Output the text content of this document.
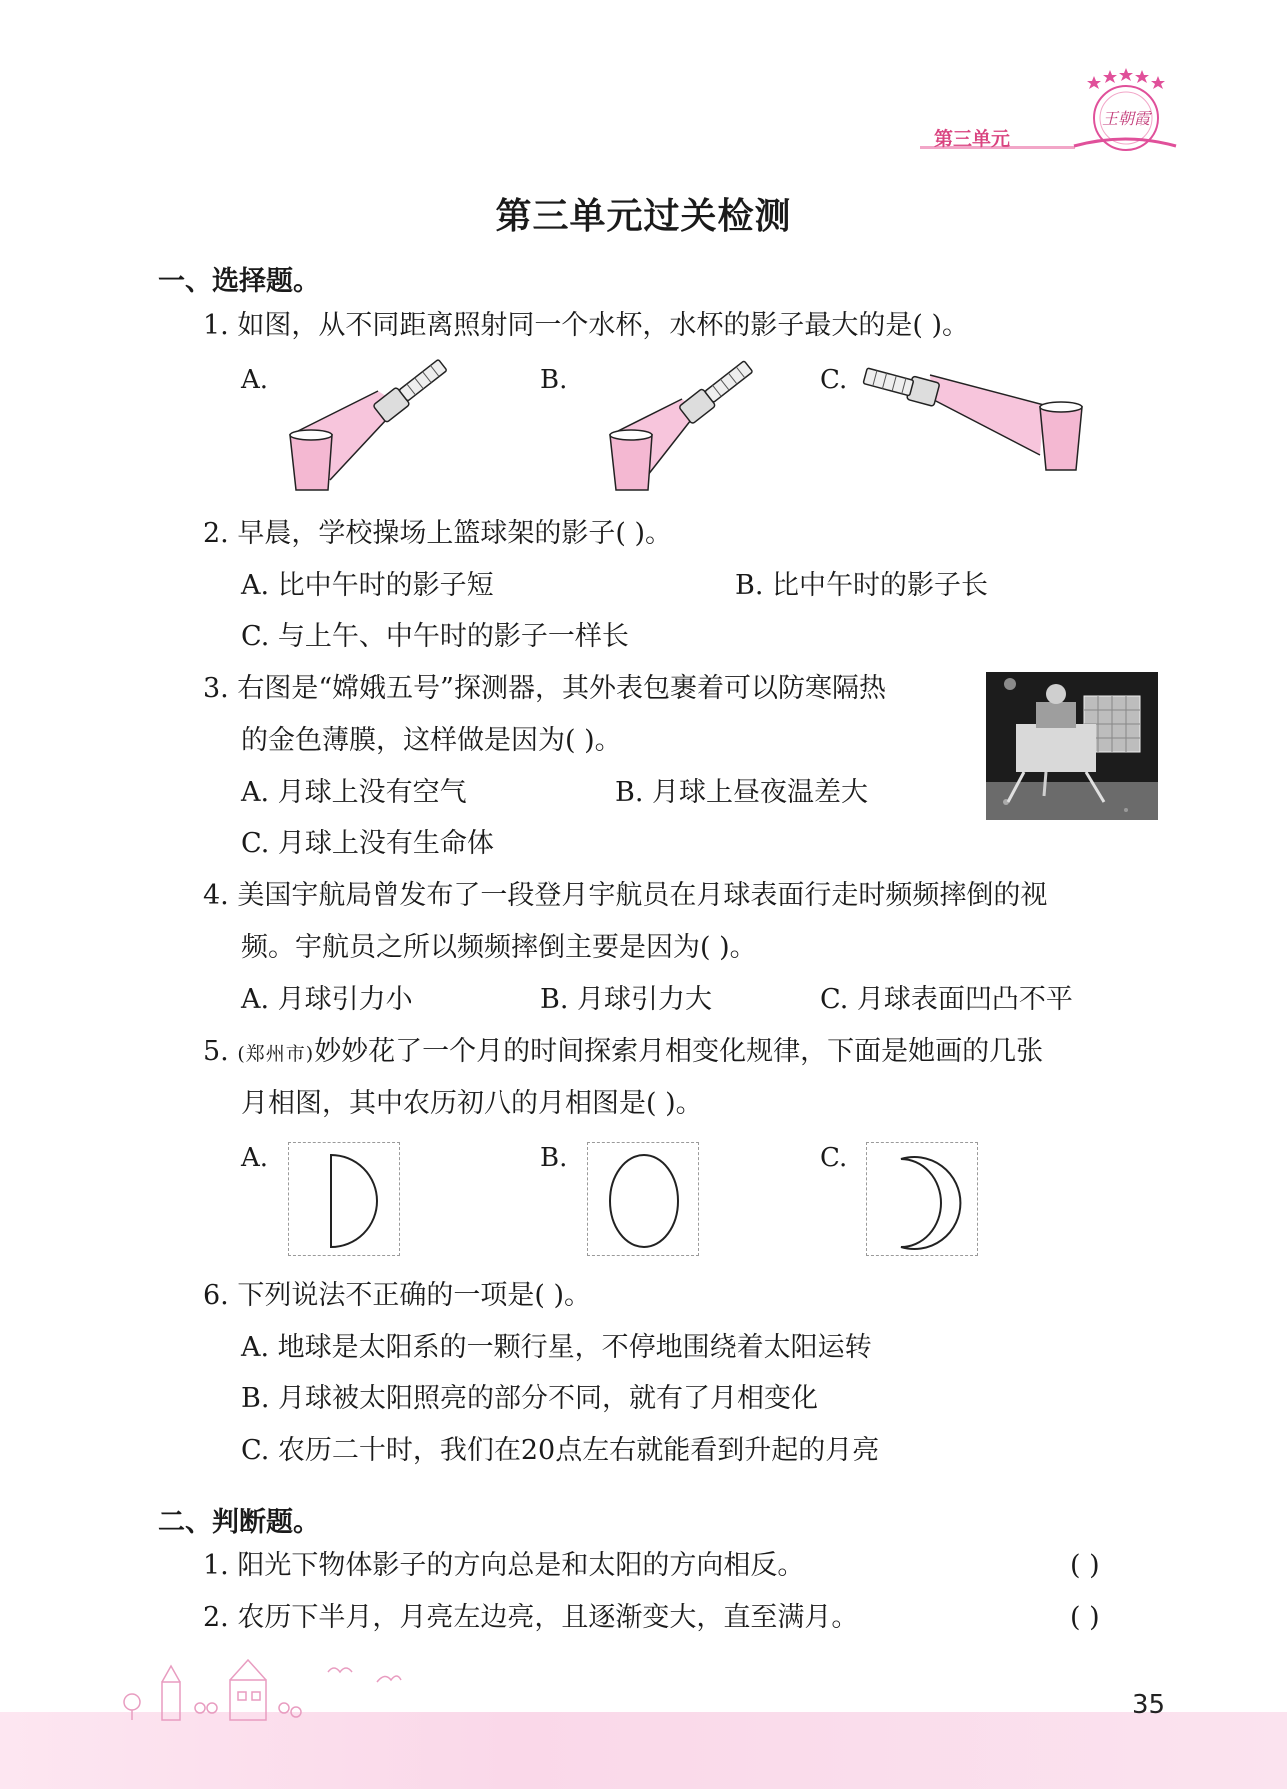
第三单元
王朝霞
第三单元过关检测
一、选择题。
1. 如图，从不同距离照射同一个水杯，水杯的影子最大的是( )。
A.	B.	C.
2. 早晨，学校操场上篮球架的影子( )。
A. 比中午时的影子短	B. 比中午时的影子长
C. 与上午、中午时的影子一样长
3. 右图是“嫦娥五号”探测器，其外表包裹着可以防寒隔热
的金色薄膜，这样做是因为( )。
A. 月球上没有空气	B. 月球上昼夜温差大
C. 月球上没有生命体
4. 美国宇航局曾发布了一段登月宇航员在月球表面行走时频频摔倒的视
频。宇航员之所以频频摔倒主要是因为( )。
A. 月球引力小	B. 月球引力大	C. 月球表面凹凸不平
5. (郑州市)妙妙花了一个月的时间探索月相变化规律，下面是她画的几张
月相图，其中农历初八的月相图是( )。
A.	B.	C.
6. 下列说法不正确的一项是( )。
A. 地球是太阳系的一颗行星，不停地围绕着太阳运转
B. 月球被太阳照亮的部分不同，就有了月相变化
C. 农历二十时，我们在20点左右就能看到升起的月亮
二、判断题。
1. 阳光下物体影子的方向总是和太阳的方向相反。	( )
2. 农历下半月，月亮左边亮，且逐渐变大，直至满月。	( )
35
